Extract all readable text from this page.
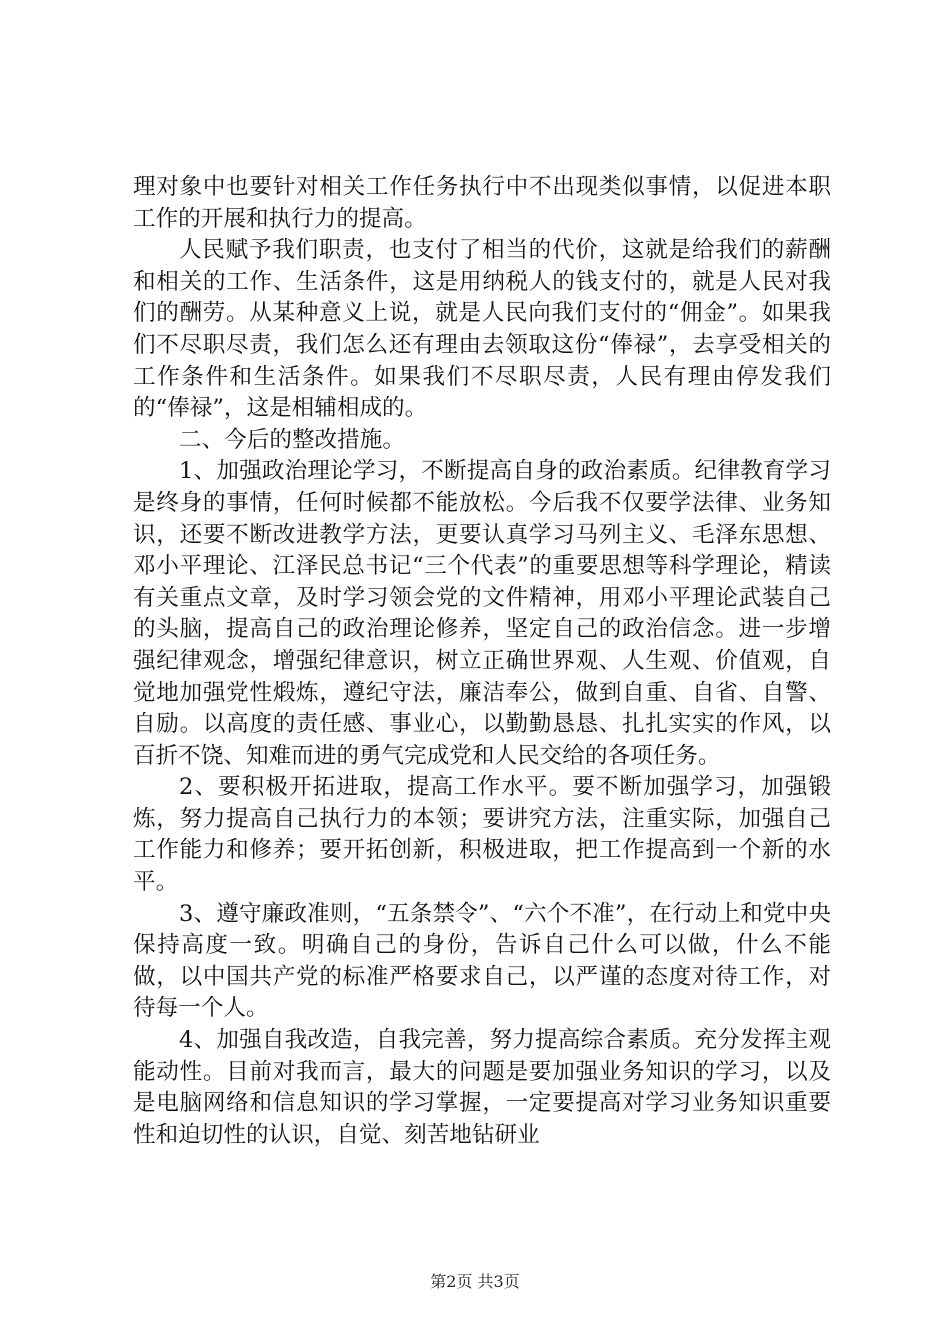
理对象中也要针对相关工作任务执行中不出现类似事情，以促进本职工作的开展和执行力的提高。

人民赋予我们职责，也支付了相当的代价，这就是给我们的薪酬和相关的工作、生活条件，这是用纳税人的钱支付的，就是人民对我们的酬劳。从某种意义上说，就是人民向我们支付的“佣金”。如果我们不尽职尽责，我们怎么还有理由去领取这份“俸禄”，去享受相关的工作条件和生活条件。如果我们不尽职尽责，人民有理由停发我们的“俸禄”，这是相辅相成的。

二、今后的整改措施。

1、加强政治理论学习，不断提高自身的政治素质。纪律教育学习是终身的事情，任何时候都不能放松。今后我不仅要学法律、业务知识，还要不断改进教学方法，更要认真学习马列主义、毛泽东思想、邓小平理论、江泽民总书记“三个代表”的重要思想等科学理论，精读有关重点文章，及时学习领会党的文件精神，用邓小平理论武装自己的头脑，提高自己的政治理论修养，坚定自己的政治信念。进一步增强纪律观念，增强纪律意识，树立正确世界观、人生观、价值观，自觉地加强党性煅炼，遵纪守法，廉洁奉公，做到自重、自省、自警、自励。以高度的责任感、事业心，以勤勤恳恳、扎扎实实的作风，以百折不饶、知难而进的勇气完成党和人民交给的各项任务。

2、要积极开拓进取，提高工作水平。要不断加强学习，加强锻炼，努力提高自己执行力的本领；要讲究方法，注重实际，加强自己工作能力和修养；要开拓创新，积极进取，把工作提高到一个新的水平。

3、遵守廉政准则，“五条禁令”、“六个不准”，在行动上和党中央保持高度一致。明确自己的身份，告诉自己什么可以做，什么不能做，以中国共产党的标准严格要求自己，以严谨的态度对待工作，对待每一个人。

4、加强自我改造，自我完善，努力提高综合素质。充分发挥主观能动性。目前对我而言，最大的问题是要加强业务知识的学习，以及是电脑网络和信息知识的学习掌握，一定要提高对学习业务知识重要性和迫切性的认识，自觉、刻苦地钻研业

第2页 共3页
